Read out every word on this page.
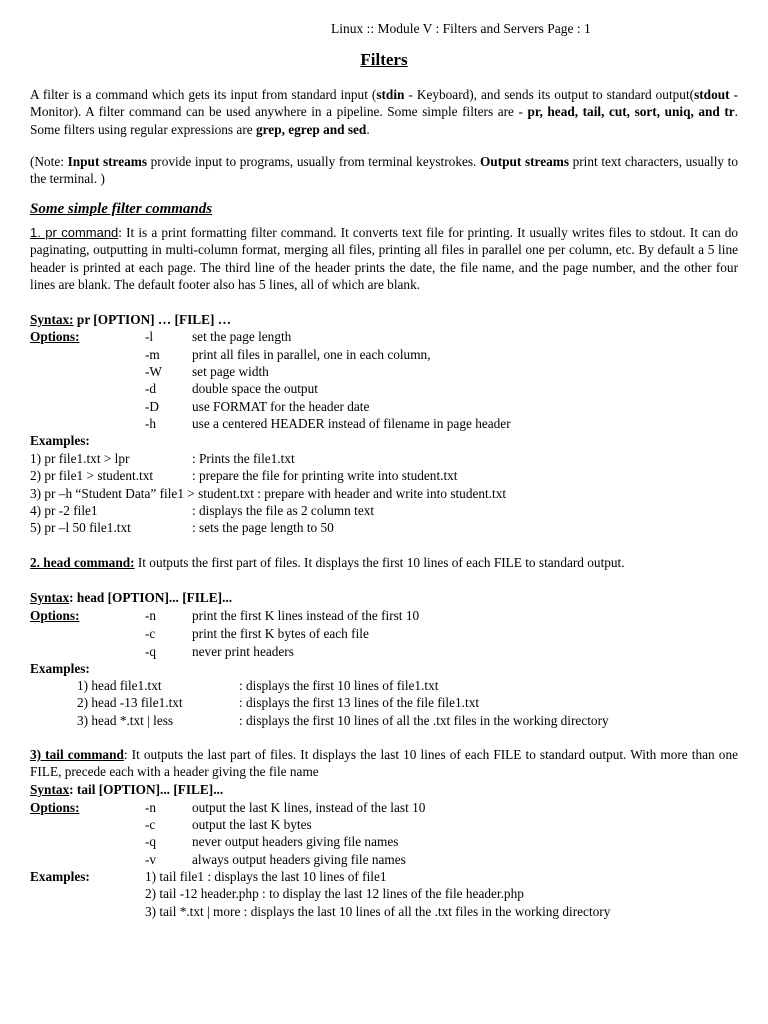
Linux :: Module V : Filters and Servers Page : 1
Filters
A filter is a command which gets its input from standard input (stdin - Keyboard), and sends its output to standard output(stdout - Monitor). A filter command can be used anywhere in a pipeline. Some simple filters are - pr, head, tail, cut, sort, uniq, and tr. Some filters using regular expressions are grep, egrep and sed.
(Note: Input streams provide input to programs, usually from terminal keystrokes. Output streams print text characters, usually to the terminal. )
Some simple filter commands
1. pr command: It is a print formatting filter command. It converts text file for printing. It usually writes files to stdout. It can do paginating, outputting in multi-column format, merging all files, printing all files in parallel one per column, etc. By default a 5 line header is printed at each page. The third line of the header prints the date, the file name, and the page number, and the other four lines are blank. The default footer also has 5 lines, all of which are blank.
Syntax: pr [OPTION] … [FILE] …
Options:	-l	set the page length
-m print all files in parallel, one in each column,
-W set page width
-d	double space the output
-D use FORMAT for the header date
-h	use a centered HEADER instead of filename in page header
Examples:
1) pr file1.txt > lpr	: Prints the file1.txt
2) pr file1 > student.txt	: prepare the file for printing write into student.txt
3) pr –h “Student Data” file1 > student.txt : prepare with header and write into student.txt
4) pr -2 file1	: displays the file as 2 column text
5) pr –l 50 file1.txt	: sets the page length to 50
2. head command: It outputs the first part of files. It displays the first 10 lines of each FILE to standard output.
Syntax: head [OPTION]... [FILE]...
Options:	-n	print the first K lines instead of the first 10
-c	print the first K bytes of each file
-q	never print headers
Examples:
1) head file1.txt	: displays the first 10 lines of file1.txt
2) head -13 file1.txt	: displays the first 13 lines of the file file1.txt
3) head *.txt | less	: displays the first 10 lines of all the .txt files in the working directory
3) tail command: It outputs the last part of files. It displays the last 10 lines of each FILE to standard output. With more than one FILE, precede each with a header giving the file name
Syntax: tail [OPTION]... [FILE]...
Options:	-n	output the last K lines, instead of the last 10
-c	output the last K bytes
-q	never output headers giving file names
-v	always output headers giving file names
Examples:	1) tail file1 : displays the last 10 lines of file1
2) tail -12 header.php : to display the last 12 lines of the file header.php
3) tail *.txt | more : displays the last 10 lines of all the .txt files in the working directory
